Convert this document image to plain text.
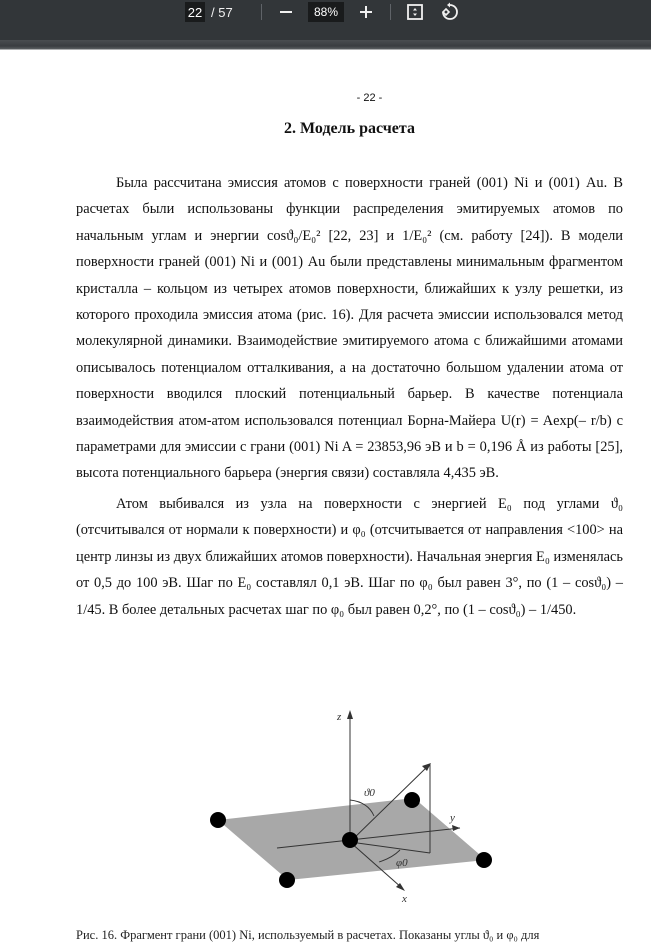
22 / 57	88%
- 22 -
2. Модель расчета

Была рассчитана эмиссия атомов с поверхности граней (001) Ni и (001) Au. В расчетах были использованы функции распределения эмитируемых атомов по начальным углам и энергии cosϑ₀/E₀² [22, 23] и 1/E₀² (см. работу [24]). В модели поверхности граней (001) Ni и (001) Au были представлены минимальным фрагментом кристалла – кольцом из четырех атомов поверхности, ближайших к узлу решетки, из которого проходила эмиссия атома (рис. 16). Для расчета эмиссии использовался метод молекулярной динамики. Взаимодействие эмитируемого атома с ближайшими атомами описывалось потенциалом отталкивания, а на достаточно большом удалении атома от поверхности вводился плоский потенциальный барьер. В качестве потенциала взаимодействия атом-атом использовался потенциал Борна-Майера U(r) = Aexp(– r/b) с параметрами для эмиссии с грани (001) Ni A = 23853,96 эВ и b = 0,196 Å из работы [25], высота потенциального барьера (энергия связи) составляла 4,435 эВ.

Атом выбивался из узла на поверхности с энергией E₀ под углами ϑ₀ (отсчитывался от нормали к поверхности) и φ₀ (отсчитывается от направления <100> на центр линзы из двух ближайших атомов поверхности). Начальная энергия E₀ изменялась от 0,5 до 100 эВ. Шаг по E₀ составлял 0,1 эВ. Шаг по φ₀ был равен 3°, по (1 – cosϑ₀) – 1/45. В более детальных расчетах шаг по φ₀ был равен 0,2°, по (1 – cosϑ₀) – 1/450.

z
y
x
ϑ0
φ0
Рис. 16. Фрагмент грани (001) Ni, используемый в расчетах. Показаны углы ϑ₀ и φ₀ для
